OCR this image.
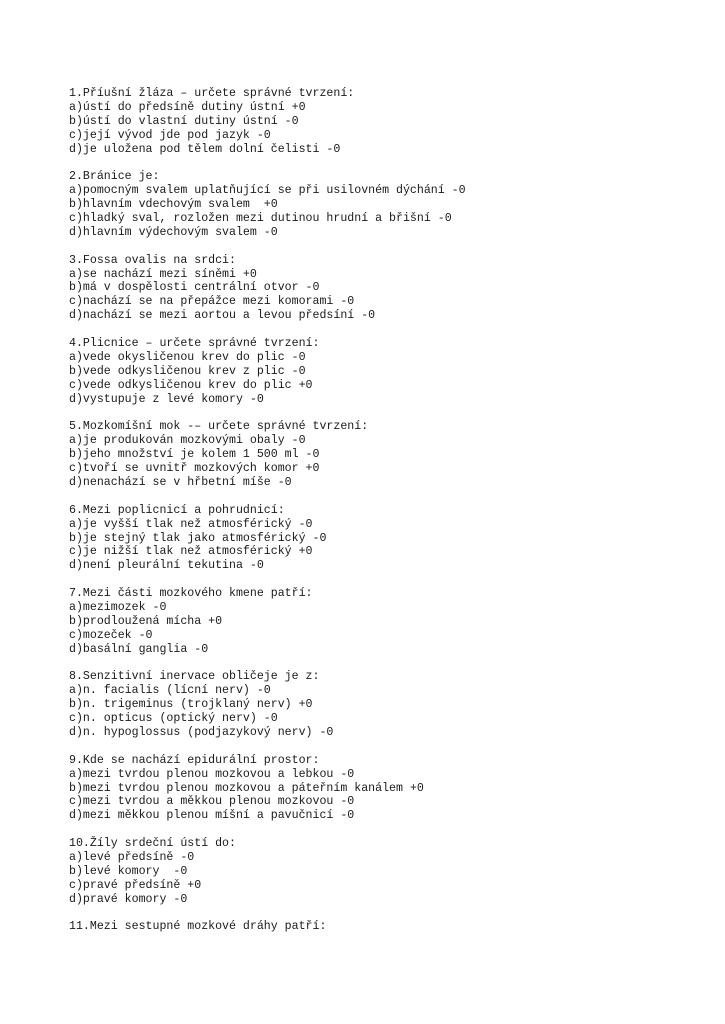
1.Příušní žláza – určete správné tvrzení:
a)ústí do předsíně dutiny ústní +0
b)ústí do vlastní dutiny ústní -0
c)její vývod jde pod jazyk -0
d)je uložena pod tělem dolní čelisti -0
2.Bránice je:
a)pomocným svalem uplatňující se při usilovném dýchání -0
b)hlavním vdechovým svalem  +0
c)hladký sval, rozložen mezi dutinou hrudní a břišní -0
d)hlavním výdechovým svalem -0
3.Fossa ovalis na srdci:
a)se nachází mezi síněmi +0
b)má v dospělosti centrální otvor -0
c)nachází se na přepážce mezi komorami -0
d)nachází se mezi aortou a levou předsíní -0
4.Plicnice – určete správné tvrzení:
a)vede okysličenou krev do plic -0
b)vede odkysličenou krev z plic -0
c)vede odkysličenou krev do plic +0
d)vystupuje z levé komory -0
5.Mozkomíšní mok -– určete správné tvrzení:
a)je produkován mozkovými obaly -0
b)jeho množství je kolem 1 500 ml -0
c)tvoří se uvnitř mozkových komor +0
d)nenachází se v hřbetní míše -0
6.Mezi poplicnicí a pohrudnicí:
a)je vyšší tlak než atmosférický -0
b)je stejný tlak jako atmosférický -0
c)je nižší tlak než atmosférický +0
d)není pleurální tekutina -0
7.Mezi části mozkového kmene patří:
a)mezimozek -0
b)prodloužená mícha +0
c)mozeček -0
d)basální ganglia -0
8.Senzitivní inervace obličeje je z:
a)n. facialis (lícní nerv) -0
b)n. trigeminus (trojklaný nerv) +0
c)n. opticus (optický nerv) -0
d)n. hypoglossus (podjazykový nerv) -0
9.Kde se nachází epidurální prostor:
a)mezi tvrdou plenou mozkovou a lebkou -0
b)mezi tvrdou plenou mozkovou a páteřním kanálem +0
c)mezi tvrdou a měkkou plenou mozkovou -0
d)mezi měkkou plenou míšní a pavučnicí -0
10.Žíly srdeční ústí do:
a)levé předsíně -0
b)levé komory  -0
c)pravé předsíně +0
d)pravé komory -0
11.Mezi sestupné mozkové dráhy patří:
